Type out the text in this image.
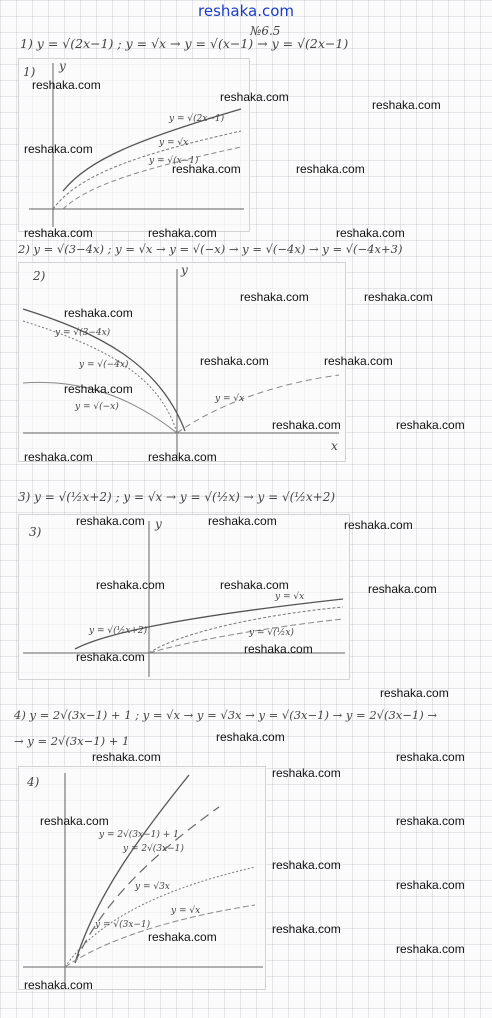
reshaka.com
1) y = √(2x−1) ; y = √x → y = √(x−1) → y = √(2x−1)
№6.5
1) y
y = √(2x−1)
y = √x
y = √(x−1)
2) y = √(3−4x) ; y = √x → y = √(−x) → y = √(−4x) → y = √(−4x+3)
2)	y
x
y = √(3−4x)
y = √(−4x)
y = √(−x)
y = √x
3) y = √(½x+2) ; y = √x → y = √(½x) → y = √(½x+2)
3)
y
y = √(½x+2)
y = √x
y = √(½x)
4) y = 2√(3x−1) + 1 ; y = √x → y = √3x → y = √(3x−1) → y = 2√(3x−1) →
→ y = 2√(3x−1) + 1
4)
y = 2√(3x−1) + 1
y = 2√(3x−1)
y = √3x
y = √x
y = √(3x−1)
reshaka.com
reshaka.com
reshaka.com
reshaka.com
reshaka.com	reshaka.com
reshaka.com	reshaka.com	reshaka.com
reshaka.com	reshaka.com
reshaka.com
reshaka.com	reshaka.com
reshaka.com
reshaka.com	reshaka.com
reshaka.com	reshaka.com
reshaka.com	reshaka.com	reshaka.com
reshaka.com	reshaka.com	reshaka.com
reshaka.com
reshaka.com
reshaka.com
reshaka.com
reshaka.com
reshaka.com
reshaka.com
reshaka.com	reshaka.com
reshaka.com
reshaka.com
reshaka.com
reshaka.com
reshaka.com
reshaka.com
